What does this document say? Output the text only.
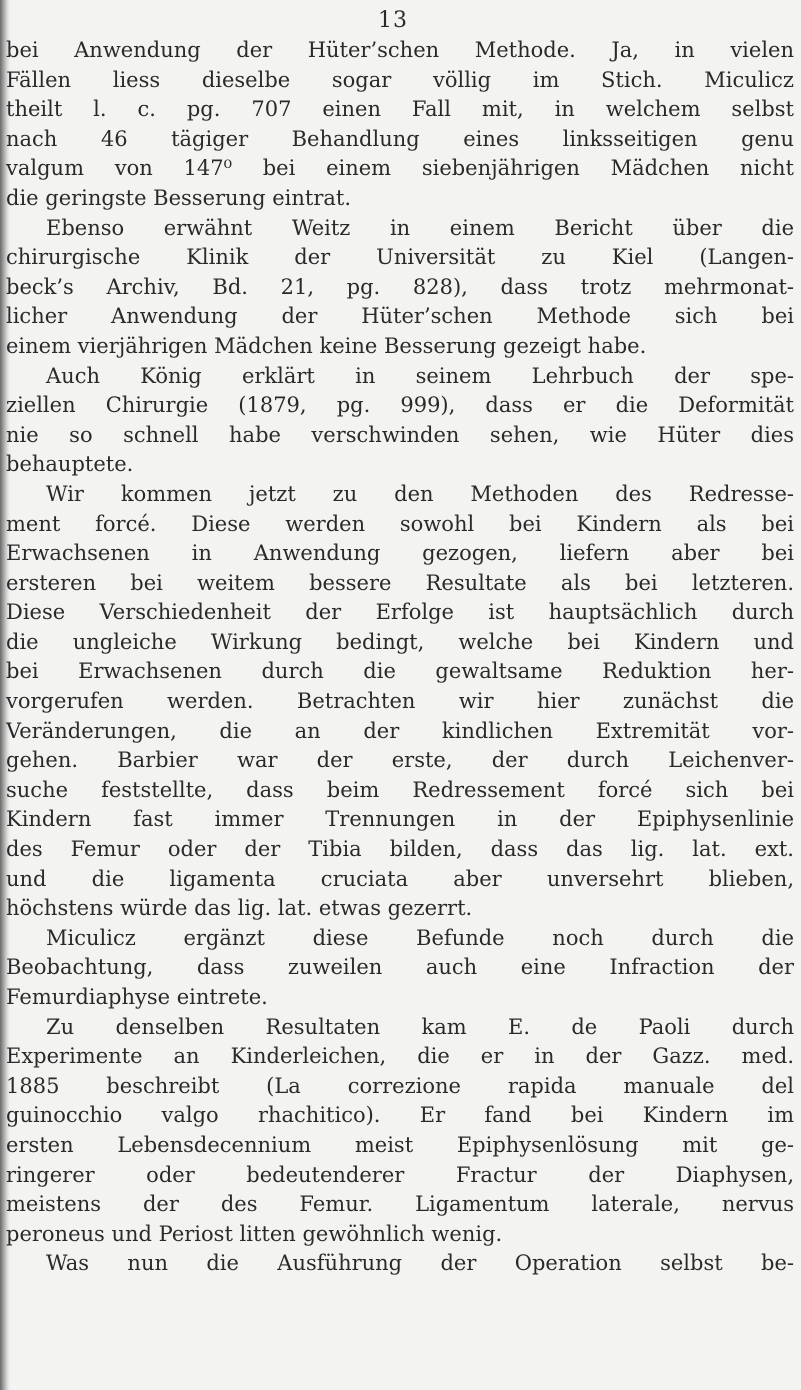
13
bei Anwendung der Hüter’schen Methode. Ja, in vielen
Fällen liess dieselbe sogar völlig im Stich. Miculicz
theilt l. c. pg. 707 einen Fall mit, in welchem selbst
nach 46 tägiger Behandlung eines linksseitigen genu
valgum von 147⁰ bei einem siebenjährigen Mädchen nicht
die geringste Besserung eintrat.
Ebenso erwähnt Weitz in einem Bericht über die
chirurgische Klinik der Universität zu Kiel (Langen-
beck’s Archiv, Bd. 21, pg. 828), dass trotz mehrmonat-
licher Anwendung der Hüter’schen Methode sich bei
einem vierjährigen Mädchen keine Besserung gezeigt habe.
Auch König erklärt in seinem Lehrbuch der spe-
ziellen Chirurgie (1879, pg. 999), dass er die Deformität
nie so schnell habe verschwinden sehen, wie Hüter dies
behauptete.
Wir kommen jetzt zu den Methoden des Redresse-
ment forcé. Diese werden sowohl bei Kindern als bei
Erwachsenen in Anwendung gezogen, liefern aber bei
ersteren bei weitem bessere Resultate als bei letzteren.
Diese Verschiedenheit der Erfolge ist hauptsächlich durch
die ungleiche Wirkung bedingt, welche bei Kindern und
bei Erwachsenen durch die gewaltsame Reduktion her-
vorgerufen werden. Betrachten wir hier zunächst die
Veränderungen, die an der kindlichen Extremität vor-
gehen. Barbier war der erste, der durch Leichenver-
suche feststellte, dass beim Redressement forcé sich bei
Kindern fast immer Trennungen in der Epiphysenlinie
des Femur oder der Tibia bilden, dass das lig. lat. ext.
und die ligamenta cruciata aber unversehrt blieben,
höchstens würde das lig. lat. etwas gezerrt.
Miculicz ergänzt diese Befunde noch durch die
Beobachtung, dass zuweilen auch eine Infraction der
Femurdiaphyse eintrete.
Zu denselben Resultaten kam E. de Paoli durch
Experimente an Kinderleichen, die er in der Gazz. med.
1885 beschreibt (La correzione rapida manuale del
guinocchio valgo rhachitico). Er fand bei Kindern im
ersten Lebensdecennium meist Epiphysenlösung mit ge-
ringerer oder bedeutenderer Fractur der Diaphysen,
meistens der des Femur. Ligamentum laterale, nervus
peroneus und Periost litten gewöhnlich wenig.
Was nun die Ausführung der Operation selbst be-
